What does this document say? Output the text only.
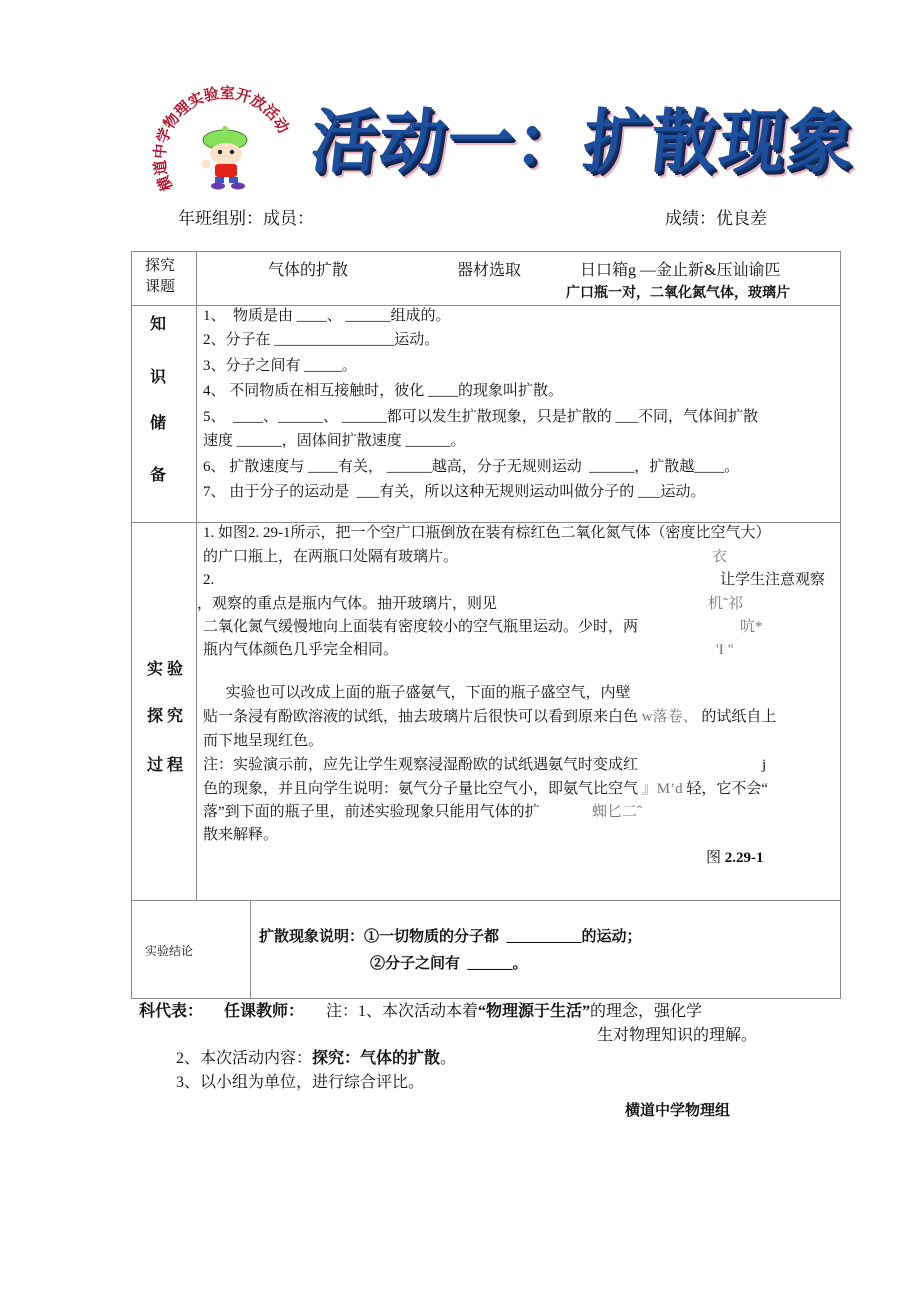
横道中学物理实验室开放活动 活动一：扩散现象
年班组别：成员：	成绩：优良差
探究
课题
气体的扩散	器材选取	日口箱g —金止新&压讪谕匹
广口瓶一对，二氧化氮气体，玻璃片
知
识
储
备
1、  物质是由 ____、 ______组成的。
2、分子在 ________________运动。
3、分子之间有 _____。
4、 不同物质在相互接触时，彼化 ____的现象叫扩散。
5、  ____、______、 ______都可以发生扩散现象，只是扩散的 ___不同，气体间扩散
速度 ______，固体间扩散速度 ______。
6、 扩散速度与 ____有关， ______越高，分子无规则运动  ______，扩散越____。
7、 由于分子的运动是  ___有关，所以这种无规则运动叫做分子的 ___运动。
实 验
探 究
过 程
1. 如图2. 29-1所示，把一个空广口瓶倒放在装有棕红色二氧化氮气体（密度比空气大）
的广口瓶上，在两瓶口处隔有玻璃片。
2.
，观察的重点是瓶内气体。抽开玻璃片，则见
二氧化氮气缓慢地向上面装有密度较小的空气瓶里运动。少时，两
瓶内气体颜色几乎完全相同。
实验也可以改成上面的瓶子盛氨气，下面的瓶子盛空气，内壁
贴一条浸有酚欧溶液的试纸，抽去玻璃片后很快可以看到原来白色 w落卷、 的试纸自上
而下地呈现红色。
注：实验演示前，应先让学生观察浸湿酚欧的试纸遇氨气时变成红
色的现象，并且向学生说明：氨气分子量比空气小，即氨气比空气 』M’d 轻，它不会“
落”到下面的瓶子里，前述实验现象只能用气体的扩
散来解释。
衣
让学生注意观察
机˜祁
吭*
'I "
j
蜘匕二ˆ
图 2.29-1
实验结论
扩散现象说明：①一切物质的分子都  __________的运动；
②分子之间有  ______。
科代表： 任课教师： 注：1、本次活动本着“物理源于生活”的理念，强化学
生对物理知识的理解。
2、本次活动内容：探究：气体的扩散。
3、以小组为单位，进行综合评比。
横道中学物理组
